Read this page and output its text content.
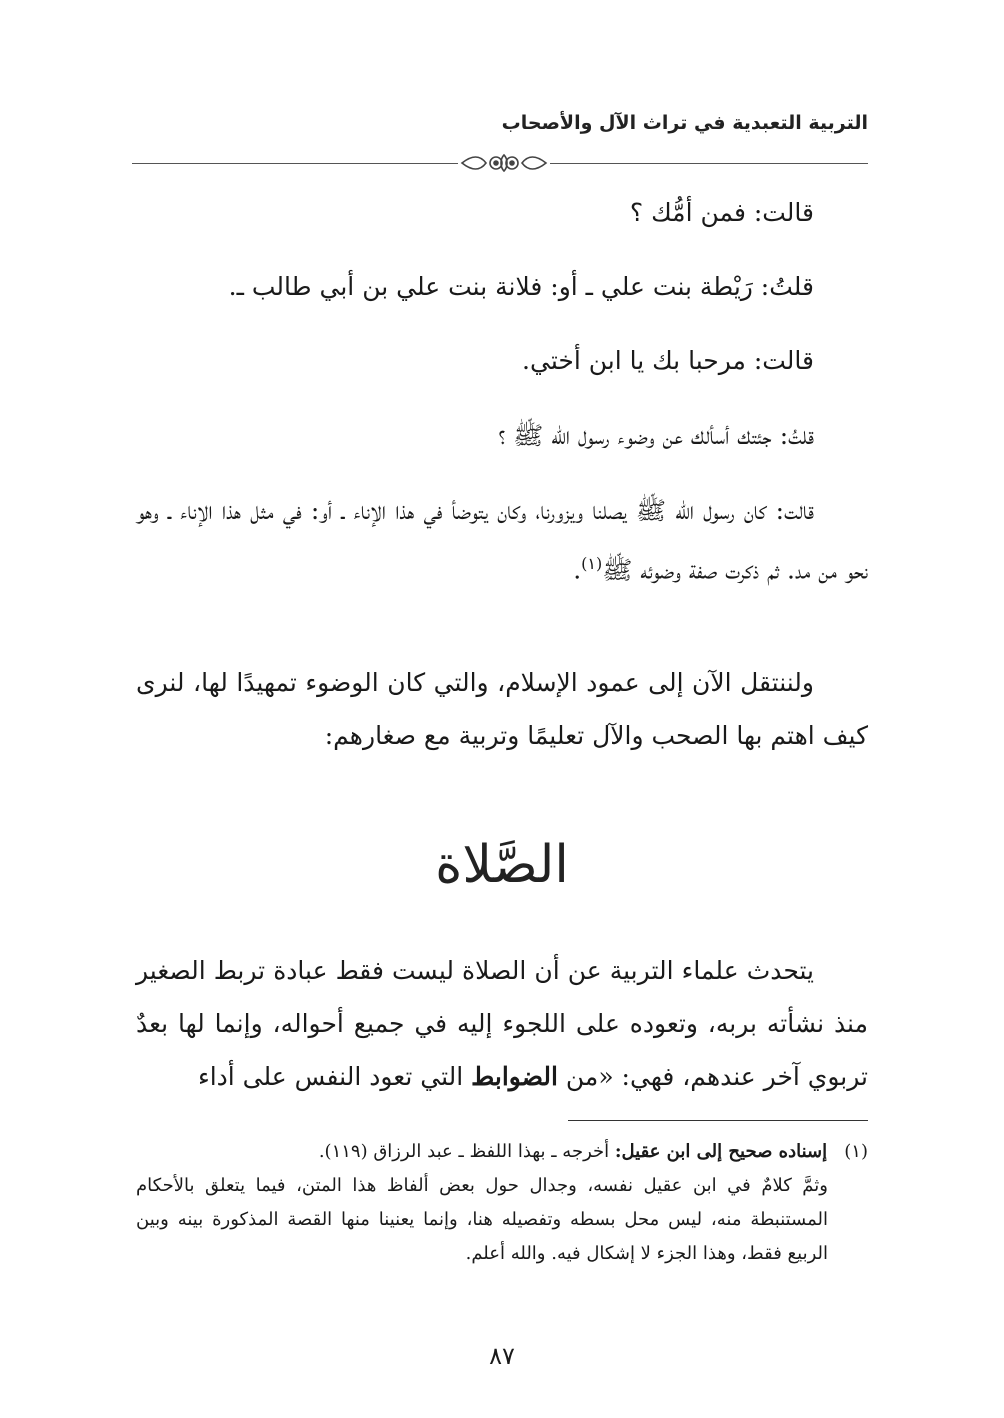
التربية التعبدية في تراث الآل والأصحاب
قالت: فمن أمُّك ؟
قلتُ: رَيْطة بنت علي ـ أو: فلانة بنت علي بن أبي طالب ـ.
قالت: مرحبا بك يا ابن أختي.
قلتُ: جئتك أسألك عن وضوء رسول الله ﷺ ؟
قالت: كان رسول الله ﷺ يصلنا ويزورنا، وكان يتوضأ في هذا الإناء ـ أو: في مثل هذا الإناء ـ وهو نحو من مد. ثم ذكرت صفة وضوئه ﷺ$^{(١)}$.
ولننتقل الآن إلى عمود الإسلام، والتي كان الوضوء تمهيدًا لها، لنرى كيف اهتم بها الصحب والآل تعليمًا وتربية مع صغارهم:
الصَّلاة
يتحدث علماء التربية عن أن الصلاة ليست فقط عبادة تربط الصغير منذ نشأته بربه، وتعوده على اللجوء إليه في جميع أحواله، وإنما لها بعدٌ تربوي آخر عندهم، فهي: «من الضوابط التي تعود النفس على أداء
(١)   إسناده صحيح إلى ابن عقيل: أخرجه ـ بهذا اللفظ ـ عبد الرزاق (١١٩).
وثمَّ كلامٌ في ابن عقيل نفسه، وجدال حول بعض ألفاظ هذا المتن، فيما يتعلق بالأحكام المستنبطة منه، ليس محل بسطه وتفصيله هنا، وإنما يعنينا منها القصة المذكورة بينه وبين الربيع فقط، وهذا الجزء لا إشكال فيه. والله أعلم.
٨٧
